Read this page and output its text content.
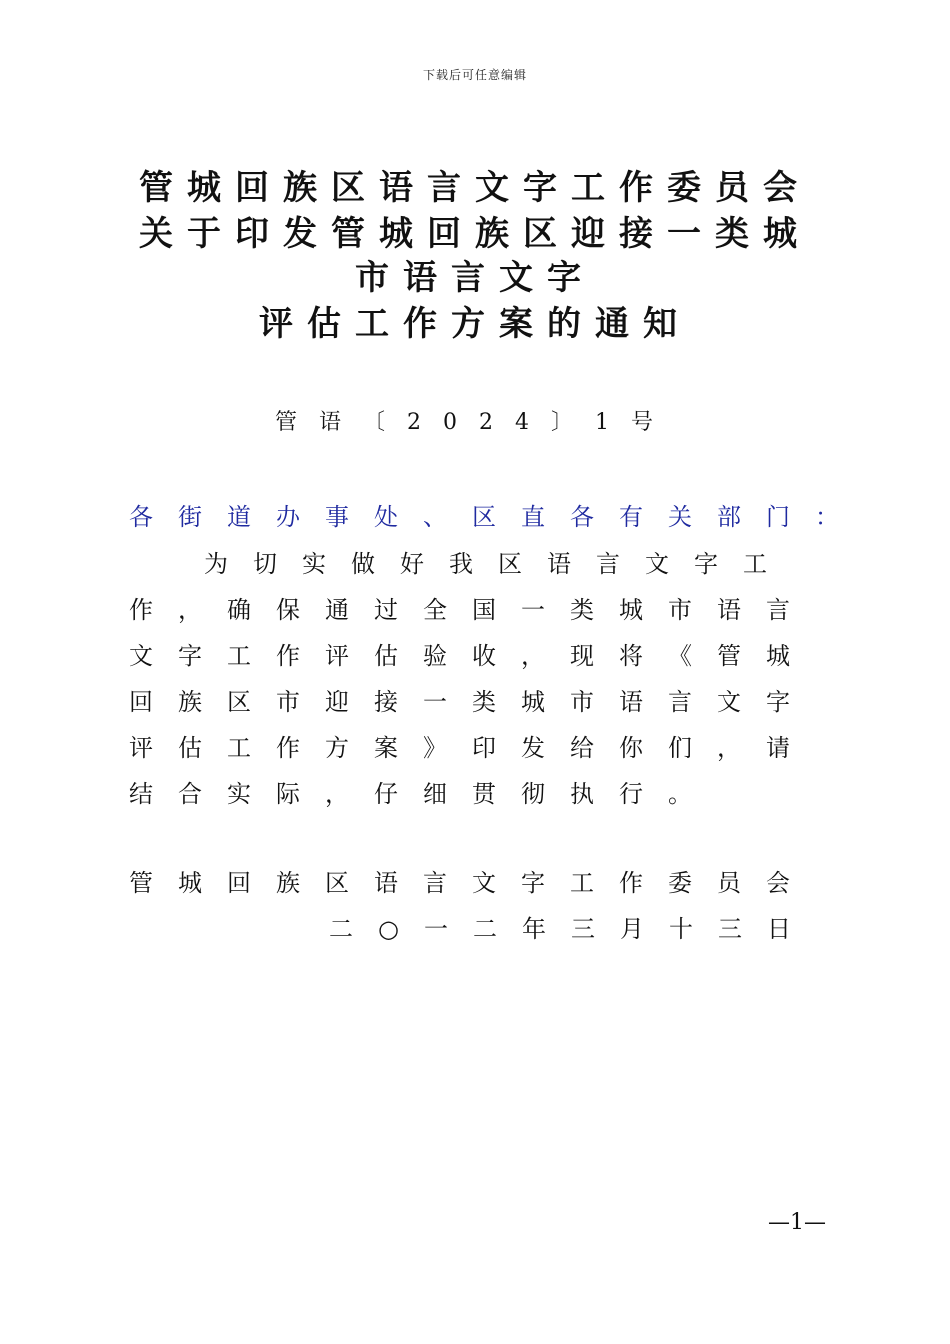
下载后可任意编辑
管城回族区语言文字工作委员会
关于印发管城回族区迎接一类城
市语言文字
评估工作方案的通知
管语〔2024〕1号
各街道办事处、区直各有关部门：
为切实做好我区语言文字工
作，确保通过全国一类城市语言
文字工作评估验收，现将《管城
回族区市迎接一类城市语言文字
评估工作方案》印发给你们，请
结合实际，仔细贯彻执行。
管城回族区语言文字工作委员会
二○一二年三月十三日
—1—
